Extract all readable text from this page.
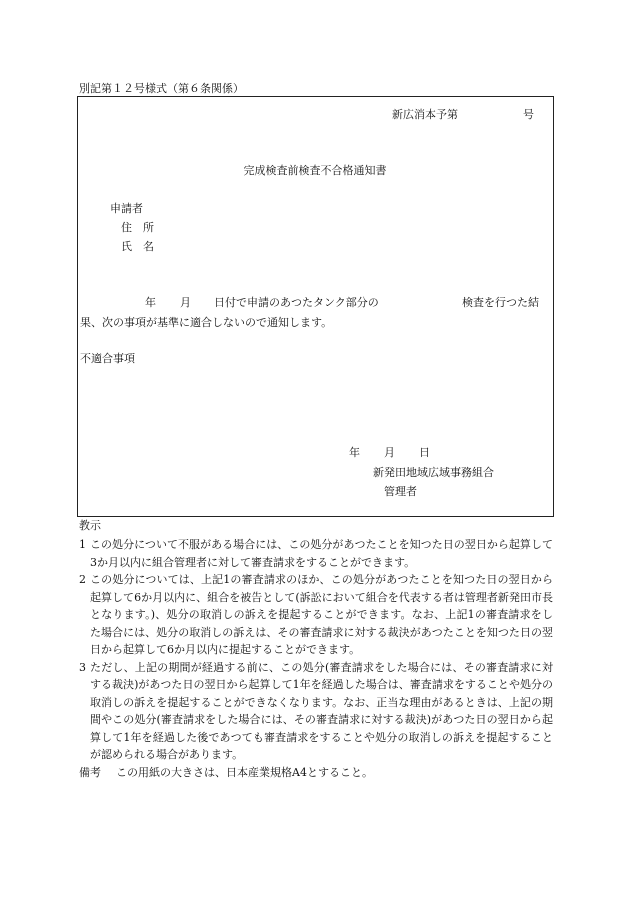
別記第１２号様式（第６条関係）
新広消本予第	号
完成検査前検査不合格通知書
申請者
住　所
氏　名
年 月 日付で申請のあつたタンク部分の	検査を行つた結
果、次の事項が基準に適合しないので通知します。
不適合事項
年 月 日
新発田地域広域事務組合
管理者
教示
1 この処分について不服がある場合には、この処分があつたことを知つた日の翌日から起算して3か月以内に組合管理者に対して審査請求をすることができます。
2 この処分については、上記1の審査請求のほか、この処分があつたことを知つた日の翌日から起算して6か月以内に、組合を被告として(訴訟において組合を代表する者は管理者新発田市長となります。)、処分の取消しの訴えを提起することができます。なお、上記1の審査請求をした場合には、処分の取消しの訴えは、その審査請求に対する裁決があつたことを知つた日の翌日から起算して6か月以内に提起することができます。
3 ただし、上記の期間が経過する前に、この処分(審査請求をした場合には、その審査請求に対する裁決)があつた日の翌日から起算して1年を経過した場合は、審査請求をすることや処分の取消しの訴えを提起することができなくなります。なお、正当な理由があるときは、上記の期間やこの処分(審査請求をした場合には、その審査請求に対する裁決)があつた日の翌日から起算して1年を経過した後であつても審査請求をすることや処分の取消しの訴えを提起することが認められる場合があります。
備考 この用紙の大きさは、日本産業規格A4とすること。
